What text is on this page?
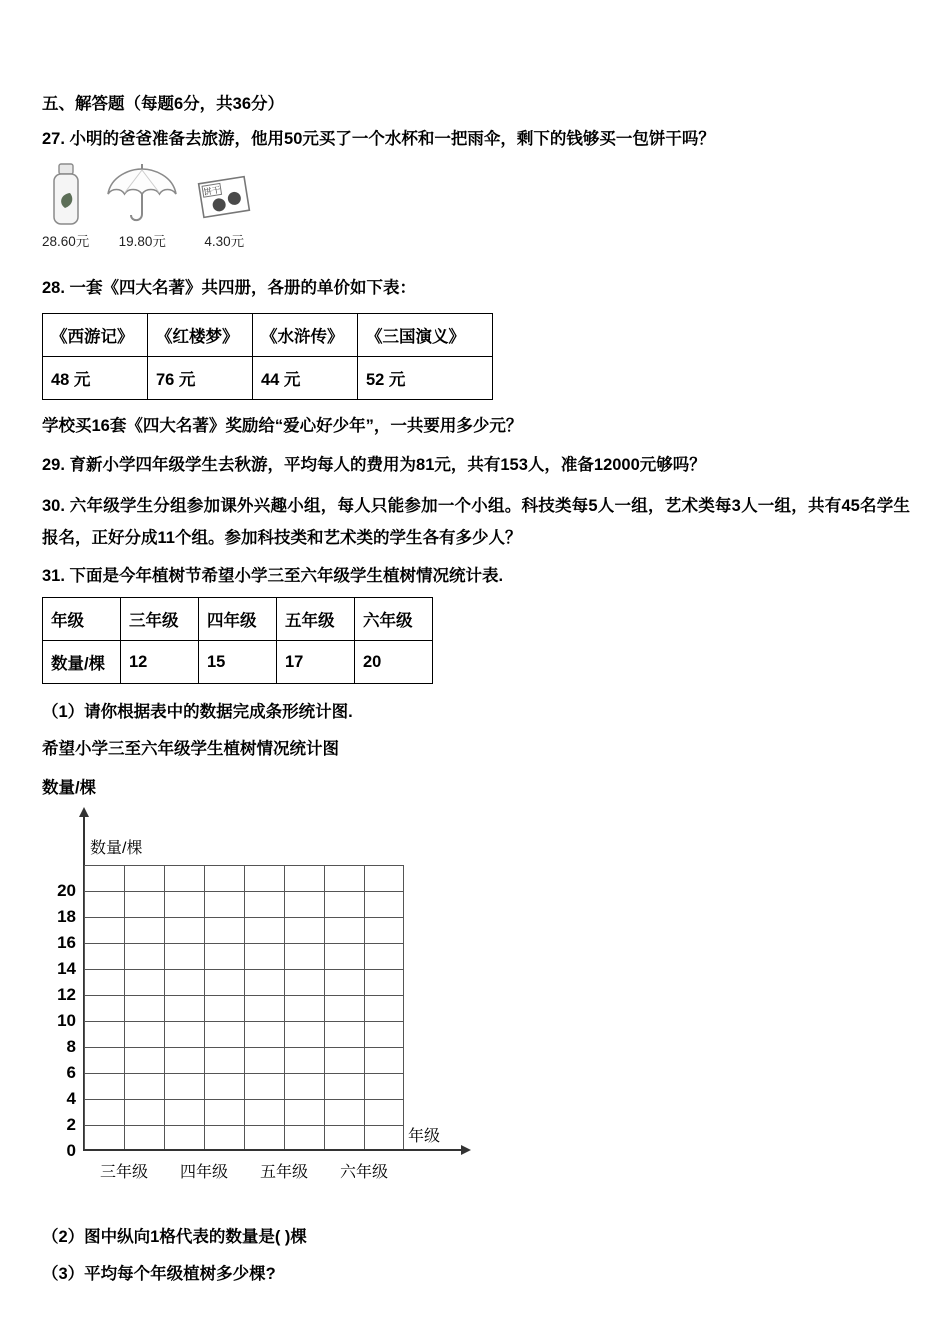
五、解答题（每题6分，共36分）
27. 小明的爸爸准备去旅游，他用50元买了一个水杯和一把雨伞，剩下的钱够买一包饼干吗？
28.60元 19.80元
饼干
4.30元
28. 一套《四大名著》共四册，各册的单价如下表：
《西游记》	《红楼梦》	《水浒传》	《三国演义》
48 元	76 元	44 元	52 元
学校买16套《四大名著》奖励给“爱心好少年”，一共要用多少元？
29. 育新小学四年级学生去秋游，平均每人的费用为81元，共有153人，准备12000元够吗？
30. 六年级学生分组参加课外兴趣小组，每人只能参加一个小组。科技类每5人一组，艺术类每3人一组，共有45名学生报名，正好分成11个组。参加科技类和艺术类的学生各有多少人？
31. 下面是今年植树节希望小学三至六年级学生植树情况统计表.
年级	三年级	四年级	五年级	六年级
数量/棵	12	15	17	20
（1）请你根据表中的数据完成条形统计图.
希望小学三至六年级学生植树情况统计图
数量/棵
数量/棵
年级
0
2
4
6
8
10
12
14
16
18
20
三年级	四年级	五年级	六年级
（2）图中纵向1格代表的数量是( )棵
（3）平均每个年级植树多少棵?
